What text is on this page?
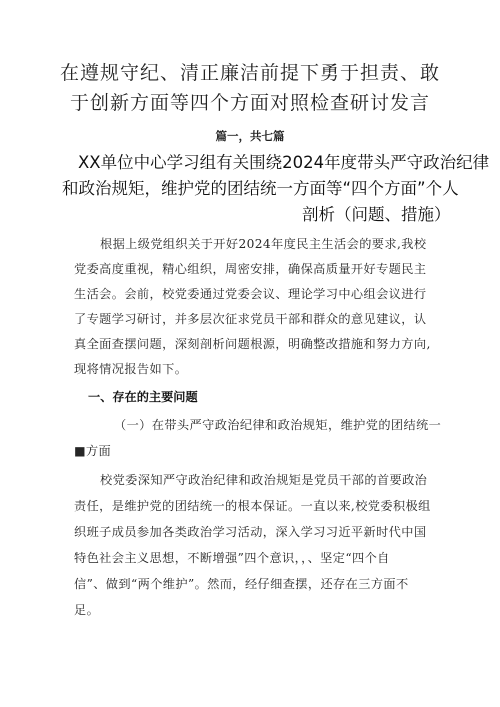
在遵规守纪、清正廉洁前提下勇于担责、敢
于创新方面等四个方面对照检查研讨发言
篇一，共七篇
XX单位中心学习组有关围绕2024年度带头严守政治纪律
和政治规矩，维护党的团结统一方面等“四个方面”个人
剖析（问题、措施）
根据上级党组织关于开好2024年度民主生活会的要求,我校
党委高度重视，精心组织，周密安排，确保高质量开好专题民主
生活会。会前，校党委通过党委会议、理论学习中心组会议进行
了专题学习研讨，并多层次征求党员干部和群众的意见建议，认
真全面查摆问题，深刻剖析问题根源，明确整改措施和努力方向,
现将情况报告如下。
一、存在的主要问题
（一）在带头严守政治纪律和政治规矩，维护党的团结统一
■方面
校党委深知严守政治纪律和政治规矩是党员干部的首要政治
责任，是维护党的团结统一的根本保证。一直以来,校党委积极组
织班子成员参加各类政治学习活动，深入学习习近平新时代中国
特色社会主义思想，不断增强”四个意识，，、坚定“四个自
信”、做到“两个维护”。然而，经仔细查摆，还存在三方面不
足。
